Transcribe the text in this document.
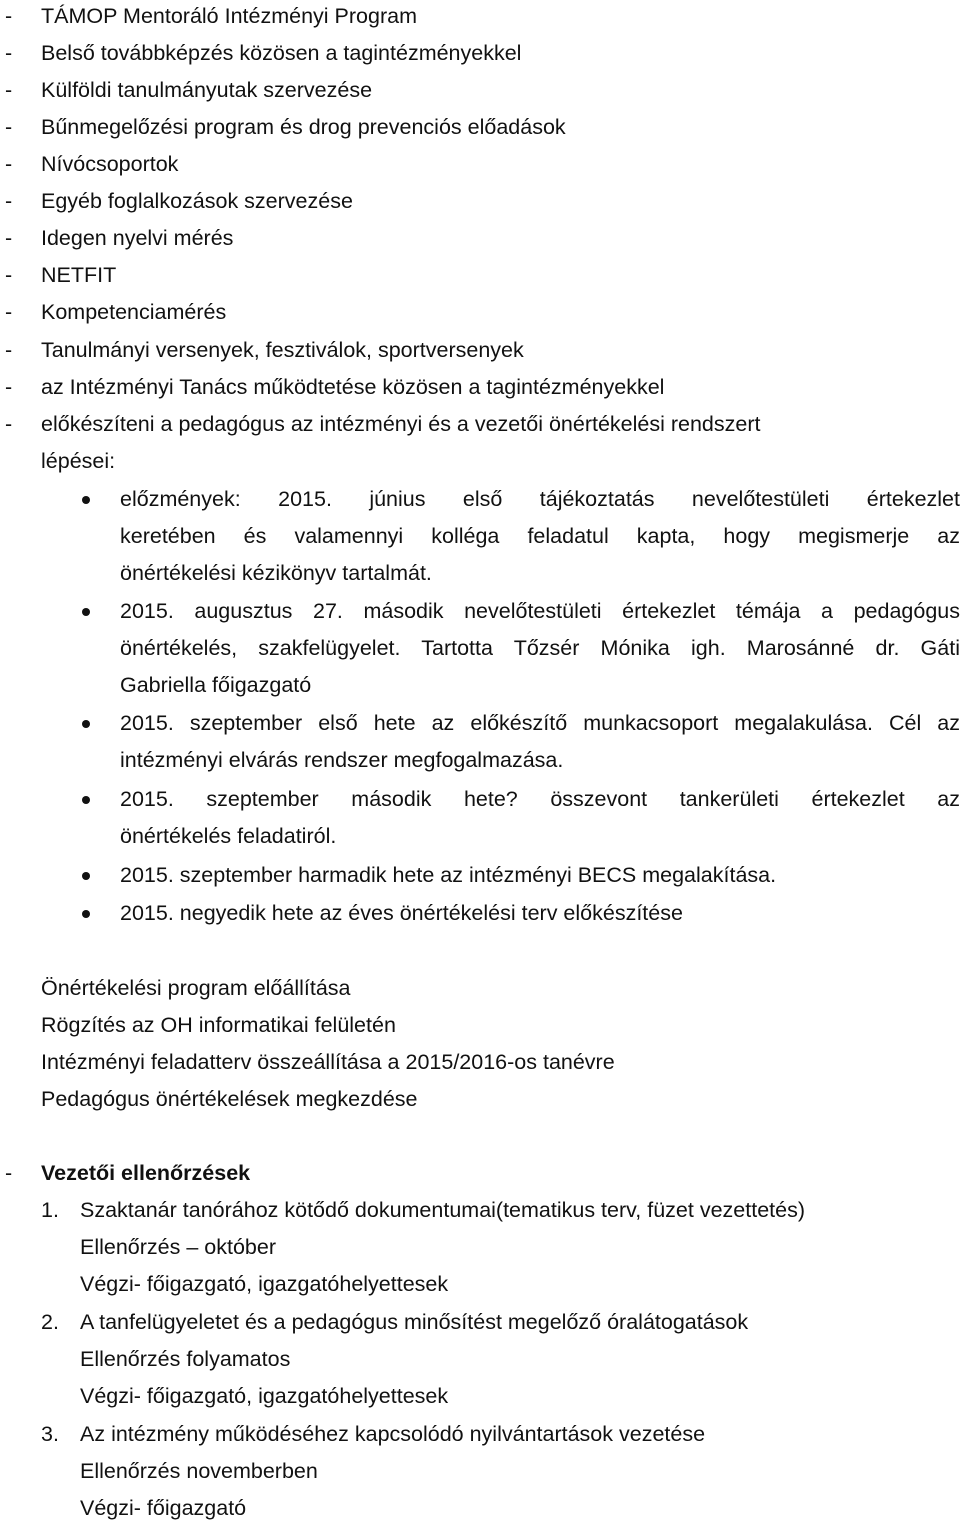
- TÁMOP Mentoráló Intézményi Program
- Belső továbbképzés közösen a tagintézményekkel
- Külföldi tanulmányutak szervezése
- Bűnmegelőzési program és drog prevenciós előadások
- Nívócsoportok
- Egyéb foglalkozások szervezése
- Idegen nyelvi mérés
- NETFIT
- Kompetenciamérés
- Tanulmányi versenyek, fesztiválok, sportversenyek
- az Intézményi Tanács működtetése közösen a tagintézményekkel
- előkészíteni a pedagógus az intézményi és a vezetői önértékelési rendszert
lépései:
előzmények: 2015. június első tájékoztatás nevelőtestületi értekezlet
keretében és valamennyi kolléga feladatul kapta, hogy megismerje az
önértékelési kézikönyv tartalmát.
2015. augusztus 27. második nevelőtestületi értekezlet témája a pedagógus
önértékelés, szakfelügyelet. Tartotta Tőzsér Mónika igh. Marosánné dr. Gáti
Gabriella főigazgató
2015. szeptember első hete az előkészítő munkacsoport megalakulása. Cél az
intézményi elvárás rendszer megfogalmazása.
2015. szeptember második hete? összevont tankerületi értekezlet az
önértékelés feladatiról.
2015. szeptember harmadik hete az intézményi BECS megalakítása.
2015. negyedik hete az éves önértékelési terv előkészítése
Önértékelési program előállítása
Rögzítés az OH informatikai felületén
Intézményi feladatterv összeállítása a 2015/2016-os tanévre
Pedagógus önértékelések megkezdése
- Vezetői ellenőrzések
1. Szaktanár tanórához kötődő dokumentumai(tematikus terv, füzet vezettetés)
Ellenőrzés – október
Végzi- főigazgató, igazgatóhelyettesek
2. A tanfelügyeletet és a pedagógus minősítést megelőző óralátogatások
Ellenőrzés folyamatos
Végzi- főigazgató, igazgatóhelyettesek
3. Az intézmény működéséhez kapcsolódó nyilvántartások vezetése
Ellenőrzés novemberben
Végzi- főigazgató
